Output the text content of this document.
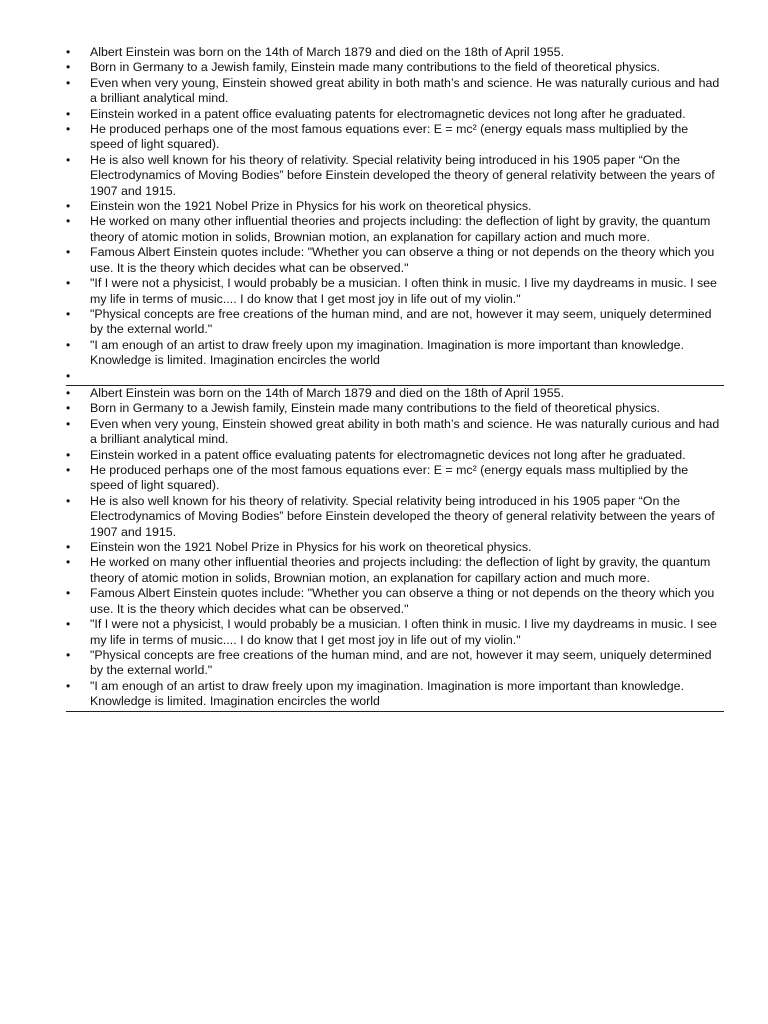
•	Albert Einstein was born on the 14th of March 1879 and died on the 18th of April 1955.
•	Born in Germany to a Jewish family, Einstein made many contributions to the field of theoretical physics.
•	Even when very young, Einstein showed great ability in both math’s and science. He was naturally curious and had a brilliant analytical mind.
•	Einstein worked in a patent office evaluating patents for electromagnetic devices not long after he graduated.
•	He produced perhaps one of the most famous equations ever: E = mc² (energy equals mass multiplied by the speed of light squared).
•	He is also well known for his theory of relativity. Special relativity being introduced in his 1905 paper “On the Electrodynamics of Moving Bodies” before Einstein developed the theory of general relativity between the years of 1907 and 1915.
•	Einstein won the 1921 Nobel Prize in Physics for his work on theoretical physics.
•	He worked on many other influential theories and projects including: the deflection of light by gravity, the quantum theory of atomic motion in solids, Brownian motion, an explanation for capillary action and much more.
•	Famous Albert Einstein quotes include: "Whether you can observe a thing or not depends on the theory which you use. It is the theory which decides what can be observed."
•	"If I were not a physicist, I would probably be a musician. I often think in music. I live my daydreams in music. I see my life in terms of music.... I do know that I get most joy in life out of my violin."
•	"Physical concepts are free creations of the human mind, and are not, however it may seem, uniquely determined by the external world."
•	"I am enough of an artist to draw freely upon my imagination. Imagination is more important than knowledge. Knowledge is limited. Imagination encircles the world
•
•	Albert Einstein was born on the 14th of March 1879 and died on the 18th of April 1955.
•	Born in Germany to a Jewish family, Einstein made many contributions to the field of theoretical physics.
•	Even when very young, Einstein showed great ability in both math’s and science. He was naturally curious and had a brilliant analytical mind.
•	Einstein worked in a patent office evaluating patents for electromagnetic devices not long after he graduated.
•	He produced perhaps one of the most famous equations ever: E = mc² (energy equals mass multiplied by the speed of light squared).
•	He is also well known for his theory of relativity. Special relativity being introduced in his 1905 paper “On the Electrodynamics of Moving Bodies” before Einstein developed the theory of general relativity between the years of 1907 and 1915.
•	Einstein won the 1921 Nobel Prize in Physics for his work on theoretical physics.
•	He worked on many other influential theories and projects including: the deflection of light by gravity, the quantum theory of atomic motion in solids, Brownian motion, an explanation for capillary action and much more.
•	Famous Albert Einstein quotes include: "Whether you can observe a thing or not depends on the theory which you use. It is the theory which decides what can be observed."
•	"If I were not a physicist, I would probably be a musician. I often think in music. I live my daydreams in music. I see my life in terms of music.... I do know that I get most joy in life out of my violin."
•	"Physical concepts are free creations of the human mind, and are not, however it may seem, uniquely determined by the external world."
•	"I am enough of an artist to draw freely upon my imagination. Imagination is more important than knowledge. Knowledge is limited. Imagination encircles the world
